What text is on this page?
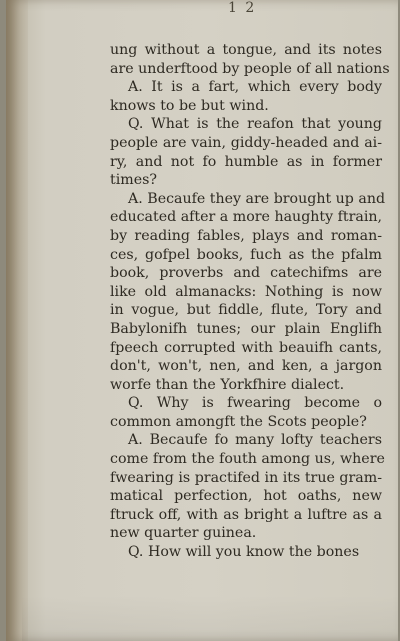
1 2
ung without a tongue, and its notes
are underftood by people of all nations
A. It is a fart, which every body
knows to be but wind.
Q. What is the reafon that young
people are vain, giddy-headed and ai-
ry, and not fo humble as in former
times?
A. Becaufe they are brought up and
educated after a more haughty ftrain,
by reading fables, plays and roman-
ces, gofpel books, fuch as the pfalm
book, proverbs and catechifms are
like old almanacks: Nothing is now
in vogue, but fiddle, flute, Tory and
Babylonifh tunes; our plain Englifh
fpeech corrupted with beauifh cants,
don't, won't, nen, and ken, a jargon
worfe than the Yorkfhire dialect.
Q. Why is fwearing become o
common amongft the Scots people?
A. Becaufe fo many lofty teachers
come from the fouth among us, where
fwearing is practifed in its true gram-
matical perfection, hot oaths, new
ftruck off, with as bright a luftre as a
new quarter guinea.
Q. How will you know the bones
